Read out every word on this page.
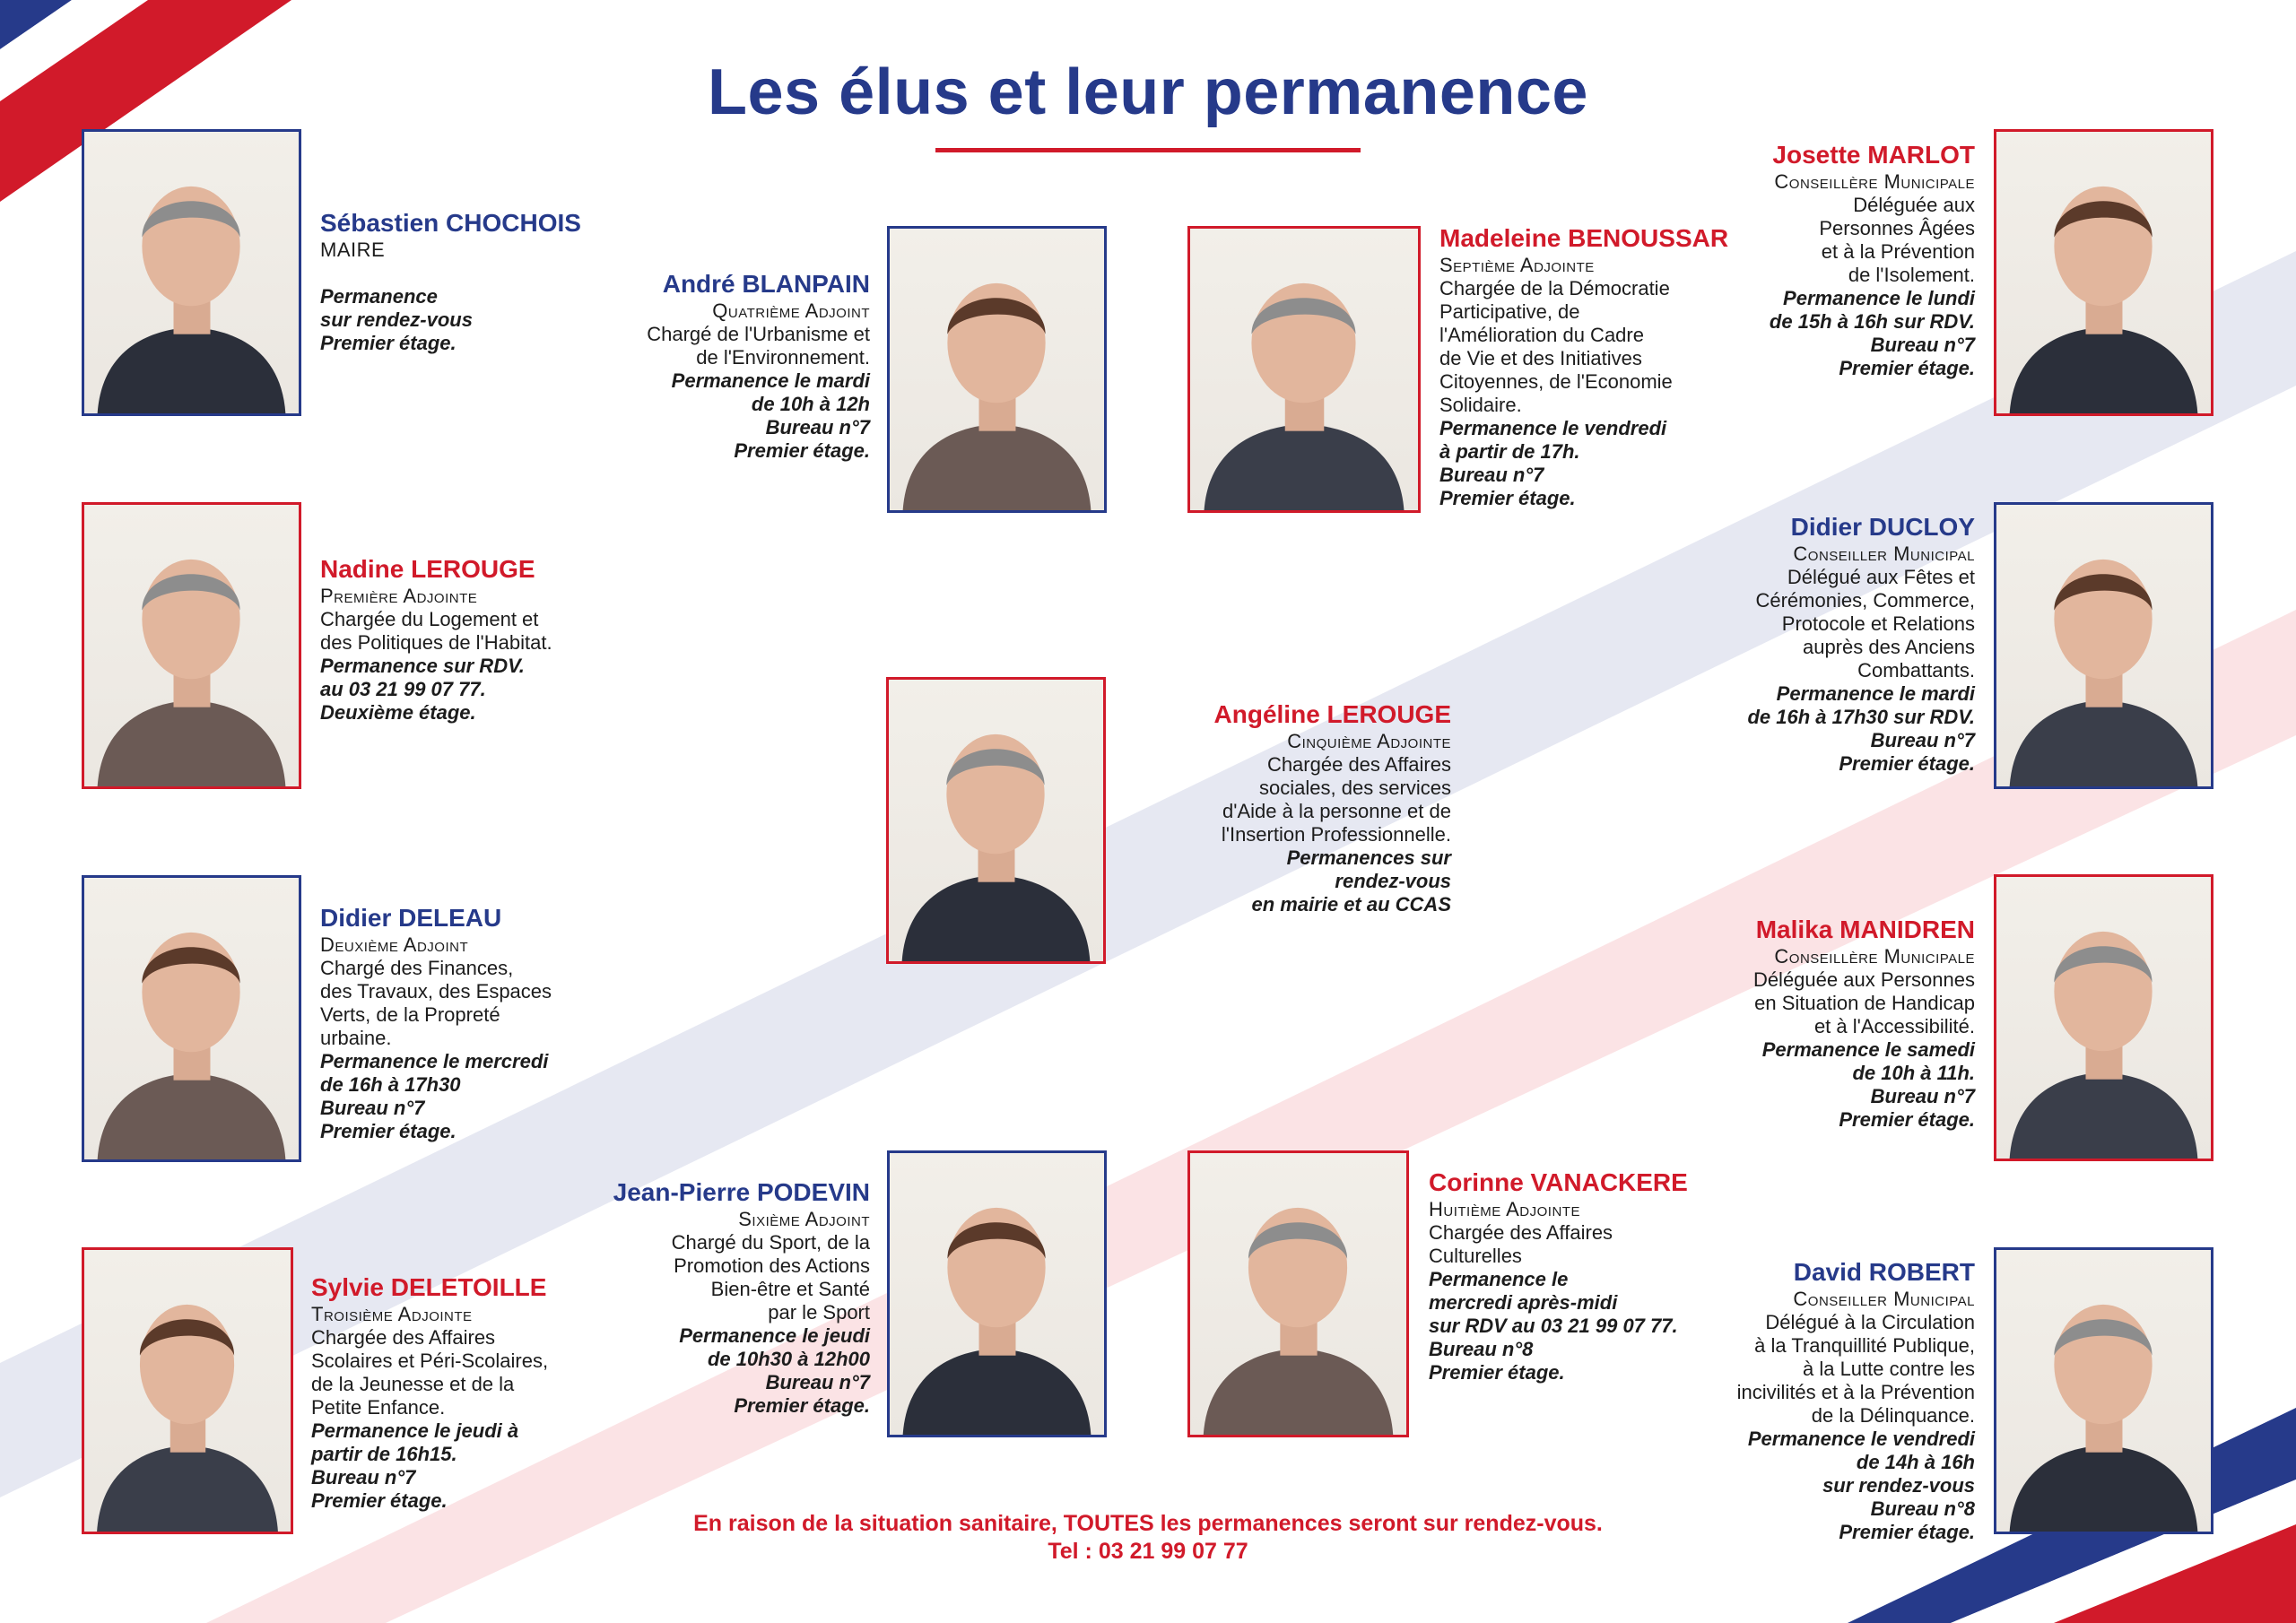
Les élus et leur permanence
Sébastien CHOCHOIS
MAIRE
Permanence
sur rendez-vous
Premier étage.
André BLANPAIN
Quatrième Adjoint
Chargé de l'Urbanisme et
de l'Environnement.
Permanence le mardi
de 10h à 12h
Bureau n°7
Premier étage.
Madeleine BENOUSSAR
Septième Adjointe
Chargée de la Démocratie
Participative, de
l'Amélioration du Cadre
de Vie et des Initiatives
Citoyennes, de l'Economie
Solidaire.
Permanence le vendredi
à partir de 17h.
Bureau n°7
Premier étage.
Josette MARLOT
Conseillère Municipale
Déléguée aux
Personnes Âgées
et à la Prévention
de l'Isolement.
Permanence le lundi
de 15h à 16h sur RDV.
Bureau n°7
Premier étage.
Nadine LEROUGE
Première Adjointe
Chargée du Logement et
des Politiques de l'Habitat.
Permanence sur RDV.
au 03 21 99 07 77.
Deuxième étage.
Didier DUCLOY
Conseiller Municipal
Délégué aux Fêtes et
Cérémonies, Commerce,
Protocole et Relations
auprès des Anciens
Combattants.
Permanence le mardi
de 16h à 17h30 sur RDV.
Bureau n°7
Premier étage.
Angéline LEROUGE
Cinquième Adjointe
Chargée des Affaires
sociales, des services
d'Aide à la personne et de
l'Insertion Professionnelle.
Permanences sur
rendez-vous
en mairie et au CCAS
Didier DELEAU
Deuxième Adjoint
Chargé des Finances,
des Travaux, des Espaces
Verts, de la Propreté
urbaine.
Permanence le mercredi
de 16h à 17h30
Bureau n°7
Premier étage.
Malika MANIDREN
Conseillère Municipale
Déléguée aux Personnes
en Situation de Handicap
et à l'Accessibilité.
Permanence le samedi
de 10h à 11h.
Bureau n°7
Premier étage.
Jean-Pierre PODEVIN
Sixième Adjoint
Chargé du Sport, de la
Promotion des Actions
Bien-être et Santé
par le Sport
Permanence le jeudi
de 10h30 à 12h00
Bureau n°7
Premier étage.
Corinne VANACKERE
Huitième Adjointe
Chargée des Affaires
Culturelles
Permanence le
mercredi après-midi
sur RDV au 03 21 99 07 77.
Bureau n°8
Premier étage.
Sylvie DELETOILLE
Troisième Adjointe
Chargée des Affaires
Scolaires et Péri-Scolaires,
de la Jeunesse et de la
Petite Enfance.
Permanence le jeudi à
partir de 16h15.
Bureau n°7
Premier étage.
David ROBERT
Conseiller Municipal
Délégué à la Circulation
à la Tranquillité Publique,
à la Lutte contre les
incivilités et à la Prévention
de la Délinquance.
Permanence le vendredi
de 14h à 16h
sur rendez-vous
Bureau n°8
Premier étage.
En raison de la situation sanitaire, TOUTES les permanences seront sur rendez-vous.
Tel : 03 21 99 07 77
